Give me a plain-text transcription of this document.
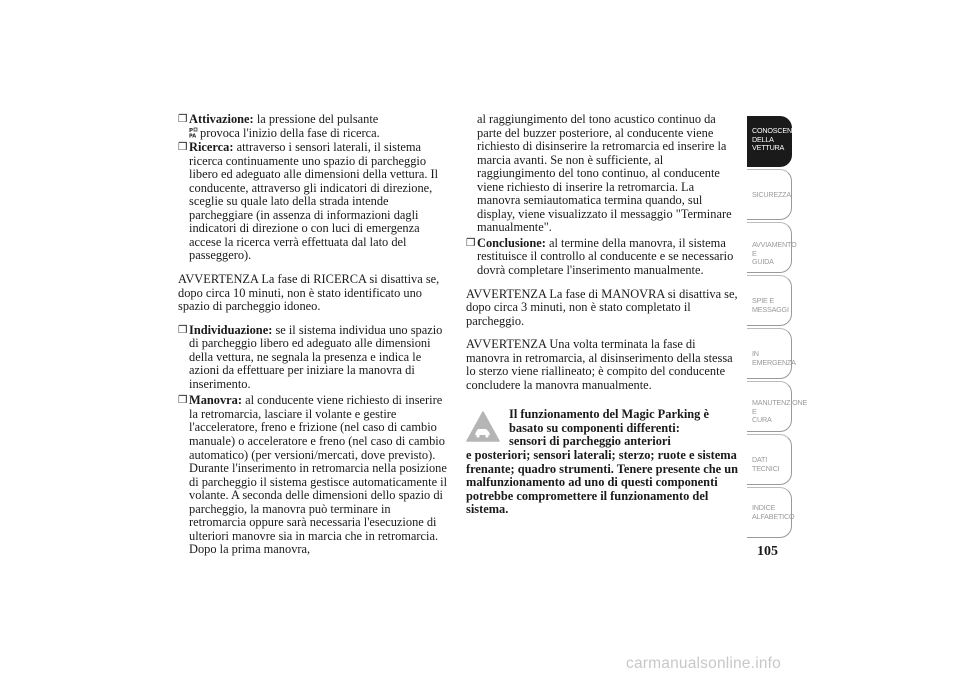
❒ Attivazione: la pressione del pulsante

P
PA provoca l'inizio della fase di ricerca.
❒ Ricerca: attraverso i sensori laterali, il sistema ricerca continuamente uno spazio di parcheggio libero ed adeguato alle dimensioni della vettura. Il conducente, attraverso gli indicatori di direzione, sceglie su quale lato della strada intende parcheggiare (in assenza di informazioni dagli indicatori di direzione o con luci di emergenza accese la ricerca verrà effettuata dal lato del passeggero).
AVVERTENZA La fase di RICERCA si disattiva se, dopo circa 10 minuti, non è stato identificato uno spazio di parcheggio idoneo.
❒ Individuazione: se il sistema individua uno spazio di parcheggio libero ed adeguato alle dimensioni della vettura, ne segnala la presenza e indica le azioni da effettuare per iniziare la manovra di inserimento.
❒ Manovra: al conducente viene richiesto di inserire la retromarcia, lasciare il volante e gestire l'acceleratore, freno e frizione (nel caso di cambio manuale) o acceleratore e freno (nel caso di cambio automatico) (per versioni/mercati, dove previsto). Durante l'inserimento in retromarcia nella posizione di parcheggio il sistema gestisce automaticamente il volante. A seconda delle dimensioni dello spazio di parcheggio, la manovra può terminare in retromarcia oppure sarà necessaria l'esecuzione di ulteriori manovre sia in marcia che in retromarcia. Dopo la prima manovra,
al raggiungimento del tono acustico continuo da parte del buzzer posteriore, al conducente viene richiesto di disinserire la retromarcia ed inserire la marcia avanti. Se non è sufficiente, al raggiungimento del tono continuo, al conducente viene richiesto di inserire la retromarcia. La manovra semiautomatica termina quando, sul display, viene visualizzato il messaggio "Terminare manualmente".
❒ Conclusione: al termine della manovra, il sistema restituisce il controllo al conducente e se necessario dovrà completare l'inserimento manualmente.
AVVERTENZA La fase di MANOVRA si disattiva se, dopo circa 3 minuti, non è stato completato il parcheggio.
AVVERTENZA Una volta terminata la fase di manovra in retromarcia, al disinserimento della stessa lo sterzo viene riallineato; è compito del conducente concludere la manovra manualmente.
Il funzionamento del Magic Parking è
basato su componenti differenti:
sensori di parcheggio anteriori
e posteriori; sensori laterali; sterzo; ruote e sistema frenante; quadro strumenti. Tenere presente che un malfunzionamento ad uno di questi componenti potrebbe compromettere il funzionamento del sistema.
CONOSCENZA
DELLA VETTURA
SICUREZZA
AVVIAMENTO E
GUIDA
SPIE E MESSAGGI
IN EMERGENZA
MANUTENZIONE E
CURA
DATI TECNICI
INDICE
ALFABETICO
105
carmanualsonline.info
